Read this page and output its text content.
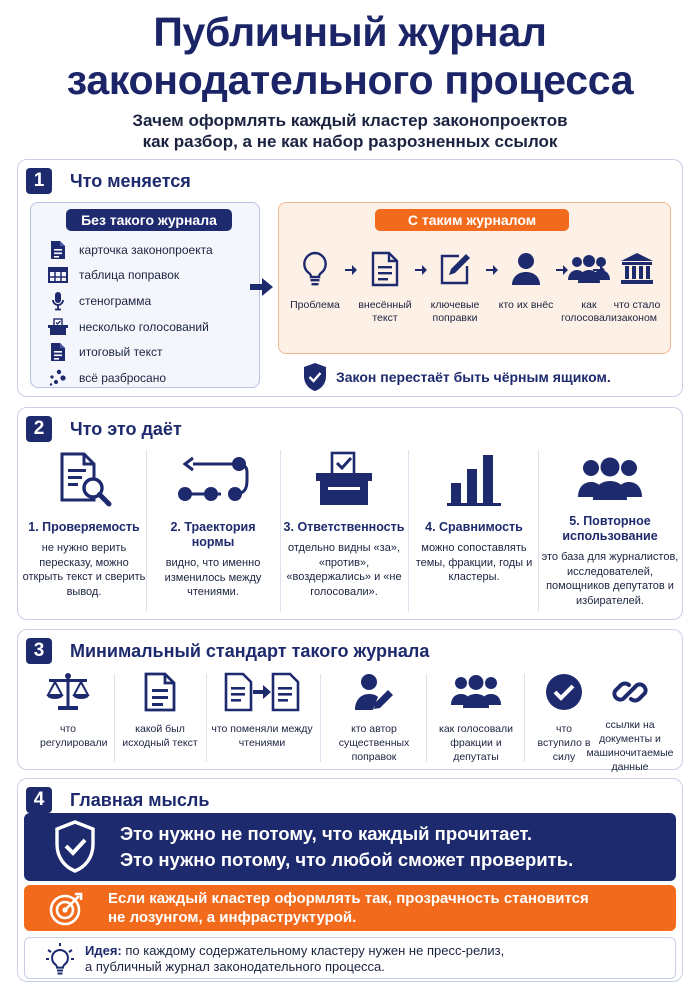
Публичный журнал
законодательного процесса
Зачем оформлять каждый кластер законопроектов
как разбор, а не как набор разрозненных ссылок
1	Что меняется
Без такого журнала
карточка законопроекта
таблица поправок
стенограмма
несколько голосований
итоговый текст
всё разбросано
С таким журналом
Проблема	внесённый текст
ключевые поправки
кто их внёс	как голосовали
что стало законом
Закон перестаёт быть чёрным ящиком.
2	Что это даёт
1. Проверяемость
не нужно верить пересказу, можно открыть текст и сверить вывод.
2. Траектория нормы
видно, что именно изменилось между чтениями.
3. Ответственность
отдельно видны «за», «против», «воздержались» и «не голосовали».
4. Сравнимость
можно сопоставлять темы, фракции, годы и кластеры.
5. Повторное использование
это база для журналистов, исследователей, помощников депутатов и избирателей.
3	Минимальный стандарт такого журнала
что регулировали
какой был исходный текст
что поменяли между чтениями
кто автор существенных поправок
как голосовали фракции и депутаты
что вступило в силу
ссылки на документы и машиночитаемые данные
4	Главная мысль
Это нужно не потому, что каждый прочитает.
Это нужно потому, что любой сможет проверить.
Если каждый кластер оформлять так, прозрачность становится
не лозунгом, а инфраструктурой.
Идея: по каждому содержательному кластеру нужен не пресс-релиз,
а публичный журнал законодательного процесса.
